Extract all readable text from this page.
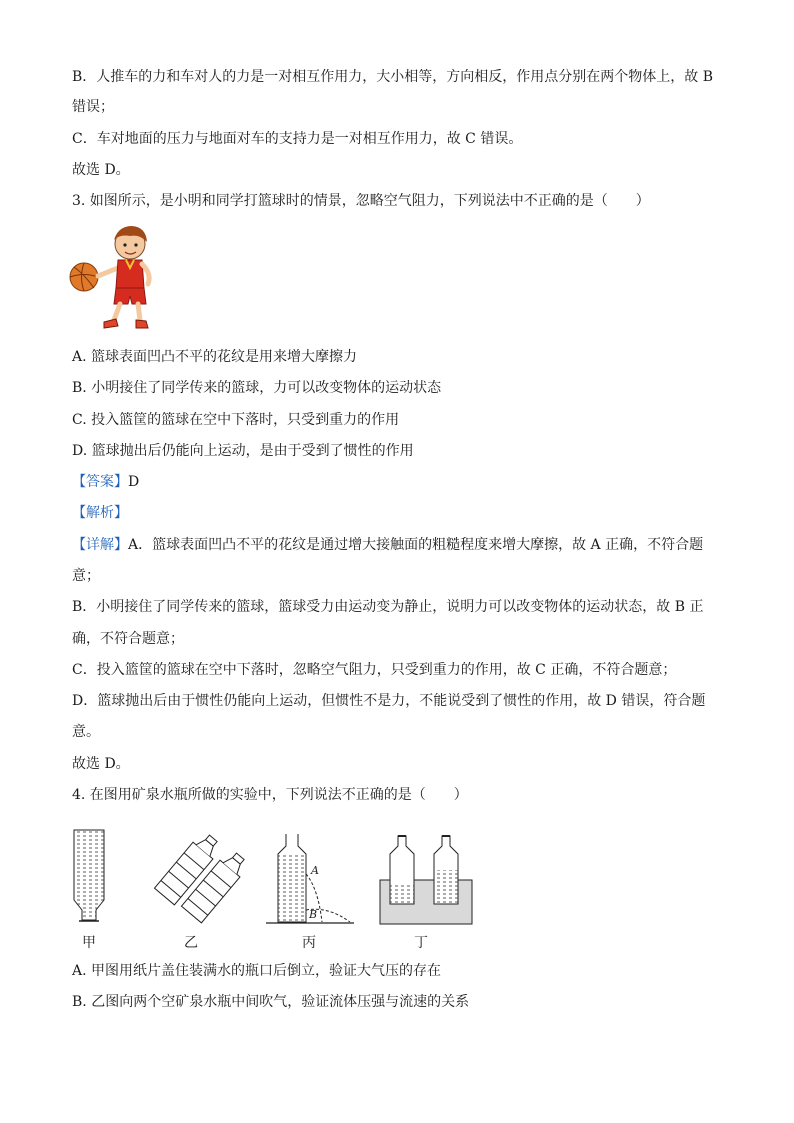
B．人推车的力和车对人的力是一对相互作用力，大小相等，方向相反，作用点分别在两个物体上，故 B
错误；
C．车对地面的压力与地面对车的支持力是一对相互作用力，故 C 错误。
故选 D。
3. 如图所示，是小明和同学打篮球时的情景，忽略空气阻力，下列说法中不正确的是（　　）
A. 篮球表面凹凸不平的花纹是用来增大摩擦力
B. 小明接住了同学传来的篮球，力可以改变物体的运动状态
C. 投入篮筐的篮球在空中下落时，只受到重力的作用
D. 篮球抛出后仍能向上运动，是由于受到了惯性的作用
【答案】D
【解析】
【详解】A．篮球表面凹凸不平的花纹是通过增大接触面的粗糙程度来增大摩擦，故 A 正确，不符合题
意；
B．小明接住了同学传来的篮球，篮球受力由运动变为静止，说明力可以改变物体的运动状态，故 B 正
确，不符合题意；
C．投入篮筐的篮球在空中下落时，忽略空气阻力，只受到重力的作用，故 C 正确，不符合题意；
D．篮球抛出后由于惯性仍能向上运动，但惯性不是力，不能说受到了惯性的作用，故 D 错误，符合题
意。
故选 D。
4. 在图用矿泉水瓶所做的实验中，下列说法不正确的是（　　）
甲	乙
A
B
丙	丁
A. 甲图用纸片盖住装满水的瓶口后倒立，验证大气压的存在
B. 乙图向两个空矿泉水瓶中间吹气，验证流体压强与流速的关系
